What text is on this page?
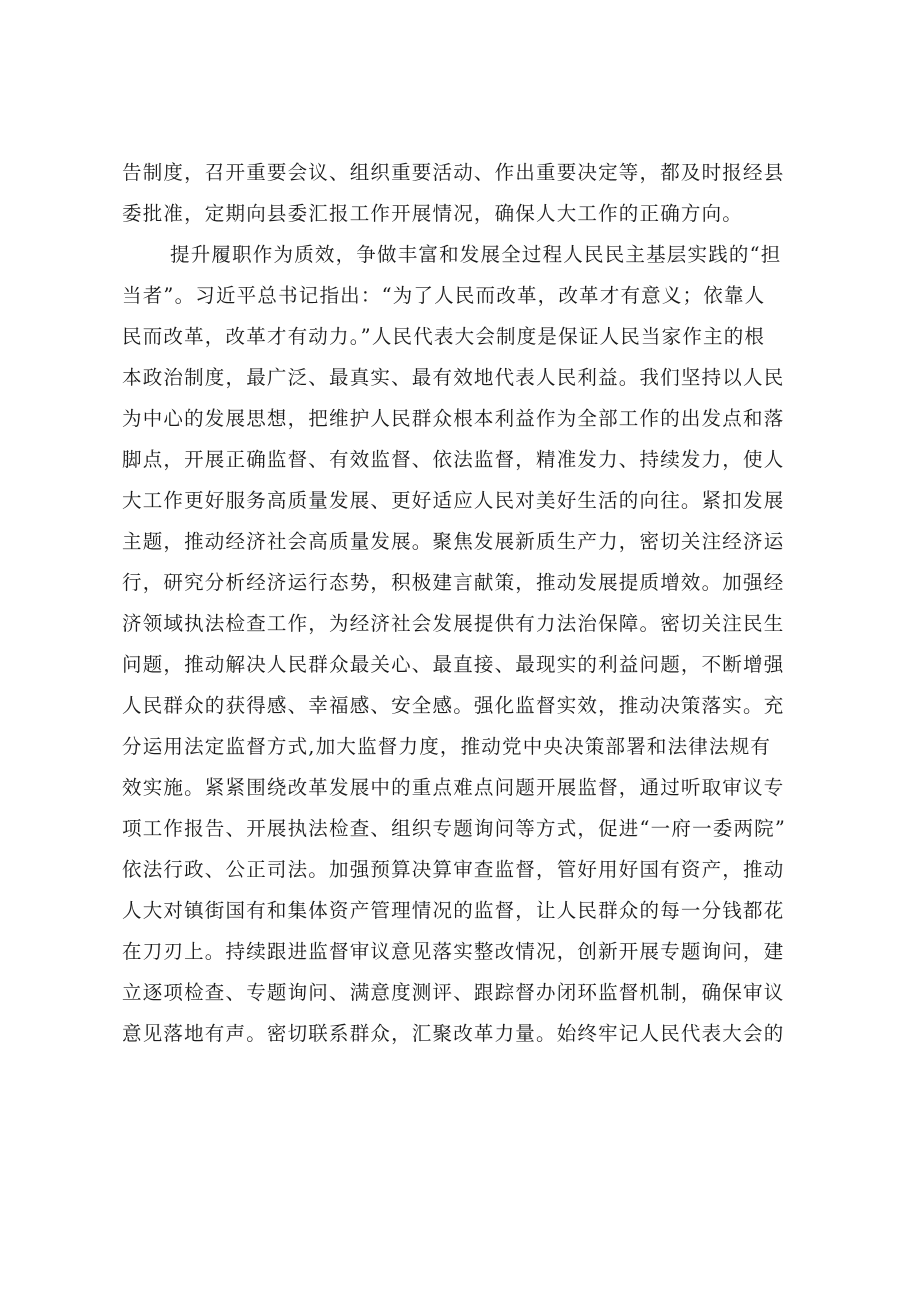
告制度，召开重要会议、组织重要活动、作出重要决定等，都及时报经县
委批准，定期向县委汇报工作开展情况，确保人大工作的正确方向。
提升履职作为质效，争做丰富和发展全过程人民民主基层实践的“担
当者”。习近平总书记指出：“为了人民而改革，改革才有意义；依靠人
民而改革，改革才有动力。”人民代表大会制度是保证人民当家作主的根
本政治制度，最广泛、最真实、最有效地代表人民利益。我们坚持以人民
为中心的发展思想，把维护人民群众根本利益作为全部工作的出发点和落
脚点，开展正确监督、有效监督、依法监督，精准发力、持续发力，使人
大工作更好服务高质量发展、更好适应人民对美好生活的向往。紧扣发展
主题，推动经济社会高质量发展。聚焦发展新质生产力，密切关注经济运
行，研究分析经济运行态势，积极建言献策，推动发展提质增效。加强经
济领域执法检查工作，为经济社会发展提供有力法治保障。密切关注民生
问题，推动解决人民群众最关心、最直接、最现实的利益问题，不断增强
人民群众的获得感、幸福感、安全感。强化监督实效，推动决策落实。充
分运用法定监督方式,加大监督力度，推动党中央决策部署和法律法规有
效实施。紧紧围绕改革发展中的重点难点问题开展监督，通过听取审议专
项工作报告、开展执法检查、组织专题询问等方式，促进“一府一委两院”
依法行政、公正司法。加强预算决算审查监督，管好用好国有资产，推动
人大对镇街国有和集体资产管理情况的监督，让人民群众的每一分钱都花
在刀刃上。持续跟进监督审议意见落实整改情况，创新开展专题询问，建
立逐项检查、专题询问、满意度测评、跟踪督办闭环监督机制，确保审议
意见落地有声。密切联系群众，汇聚改革力量。始终牢记人民代表大会的
